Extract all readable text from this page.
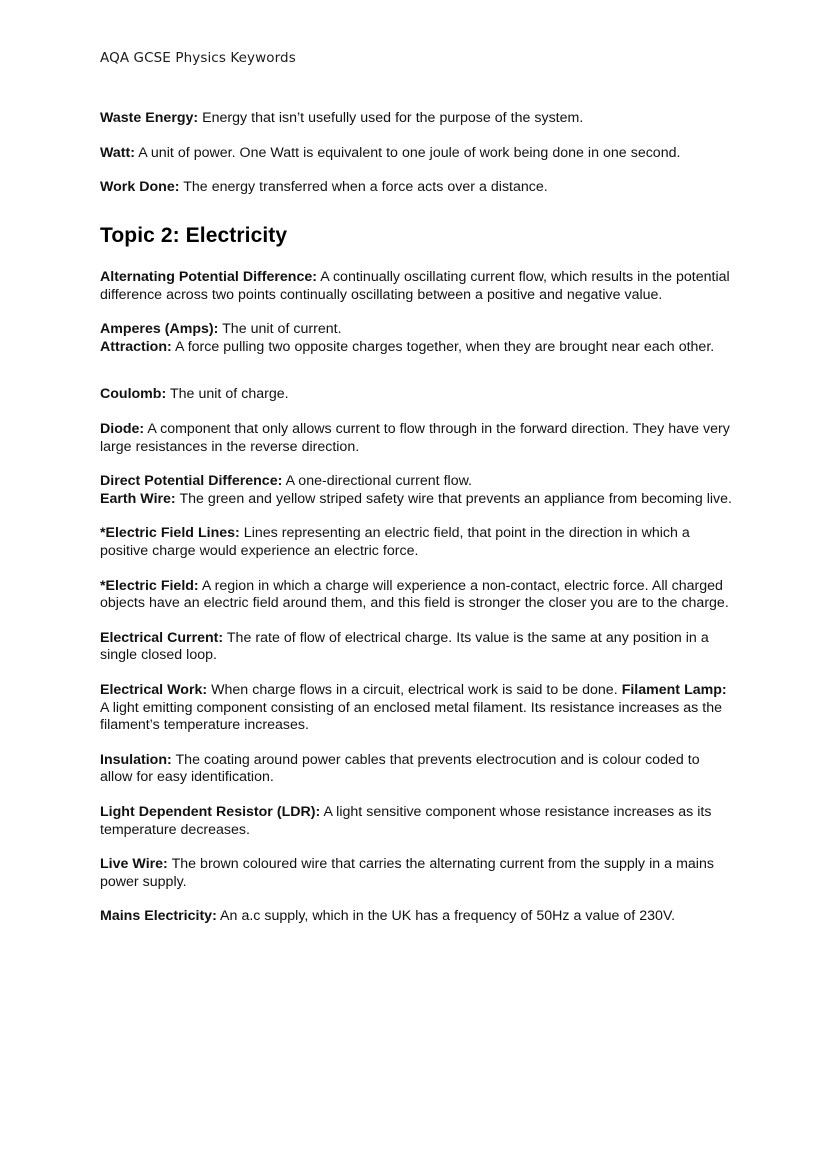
AQA GCSE Physics Keywords

Waste Energy: Energy that isn’t usefully used for the purpose of the system.

Watt: A unit of power. One Watt is equivalent to one joule of work being done in one second.

Work Done: The energy transferred when a force acts over a distance.

Topic 2: Electricity

Alternating Potential Difference: A continually oscillating current flow, which results in the potential difference across two points continually oscillating between a positive and negative value.

Amperes (Amps): The unit of current.
Attraction: A force pulling two opposite charges together, when they are brought near each other.

Coulomb: The unit of charge.

Diode: A component that only allows current to flow through in the forward direction. They have very large resistances in the reverse direction.

Direct Potential Difference: A one-directional current flow.
Earth Wire: The green and yellow striped safety wire that prevents an appliance from becoming live.

*Electric Field Lines: Lines representing an electric field, that point in the direction in which a positive charge would experience an electric force.

*Electric Field: A region in which a charge will experience a non-contact, electric force. All charged objects have an electric field around them, and this field is stronger the closer you are to the charge.

Electrical Current: The rate of flow of electrical charge. Its value is the same at any position in a single closed loop.

Electrical Work: When charge flows in a circuit, electrical work is said to be done. Filament Lamp: A light emitting component consisting of an enclosed metal filament. Its resistance increases as the filament’s temperature increases.

Insulation: The coating around power cables that prevents electrocution and is colour coded to allow for easy identification.

Light Dependent Resistor (LDR): A light sensitive component whose resistance increases as its temperature decreases.

Live Wire: The brown coloured wire that carries the alternating current from the supply in a mains power supply.

Mains Electricity: An a.c supply, which in the UK has a frequency of 50Hz a value of 230V.
